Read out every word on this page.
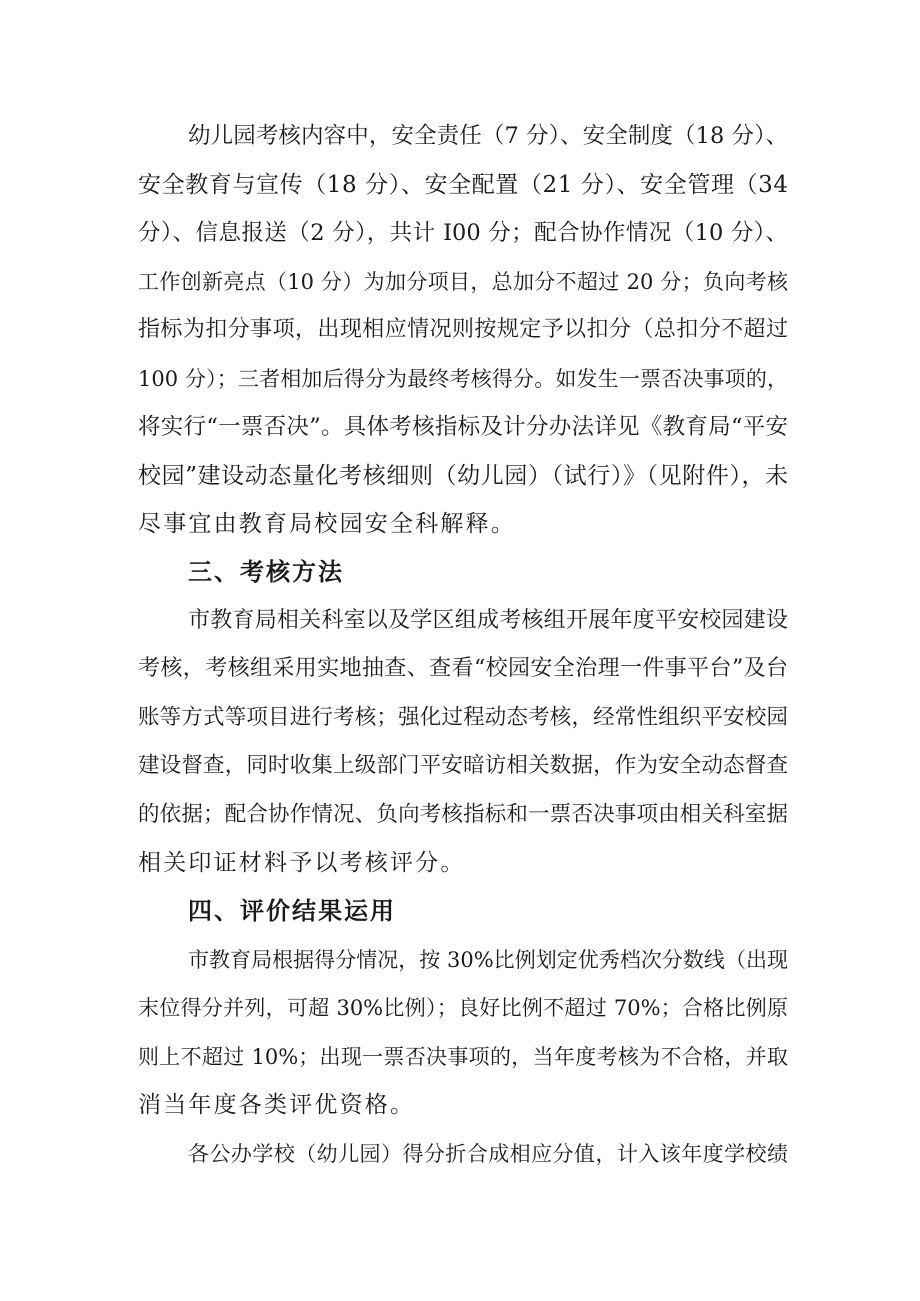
幼儿园考核内容中，安全责任（7 分）、安全制度（18 分）、
安全教育与宣传（18 分）、安全配置（21 分）、安全管理（34
分）、信息报送（2 分），共计 I00 分；配合协作情况（10 分）、
工作创新亮点（10 分）为加分项目，总加分不超过 20 分；负向考核
指标为扣分事项，出现相应情况则按规定予以扣分（总扣分不超过
100 分）；三者相加后得分为最终考核得分。如发生一票否决事项的，
将实行“一票否决”。具体考核指标及计分办法详见《教育局“平安
校园”建设动态量化考核细则（幼儿园）（试行）》（见附件），未
尽事宜由教育局校园安全科解释。
三、考核方法
市教育局相关科室以及学区组成考核组开展年度平安校园建设
考核，考核组采用实地抽查、查看“校园安全治理一件事平台”及台
账等方式等项目进行考核；强化过程动态考核，经常性组织平安校园
建设督查，同时收集上级部门平安暗访相关数据，作为安全动态督查
的依据；配合协作情况、负向考核指标和一票否决事项由相关科室据
相关印证材料予以考核评分。
四、评价结果运用
市教育局根据得分情况，按 30%比例划定优秀档次分数线（出现
末位得分并列，可超 30%比例）；良好比例不超过 70%；合格比例原
则上不超过 10%；出现一票否决事项的，当年度考核为不合格，并取
消当年度各类评优资格。
各公办学校（幼儿园）得分折合成相应分值，计入该年度学校绩
